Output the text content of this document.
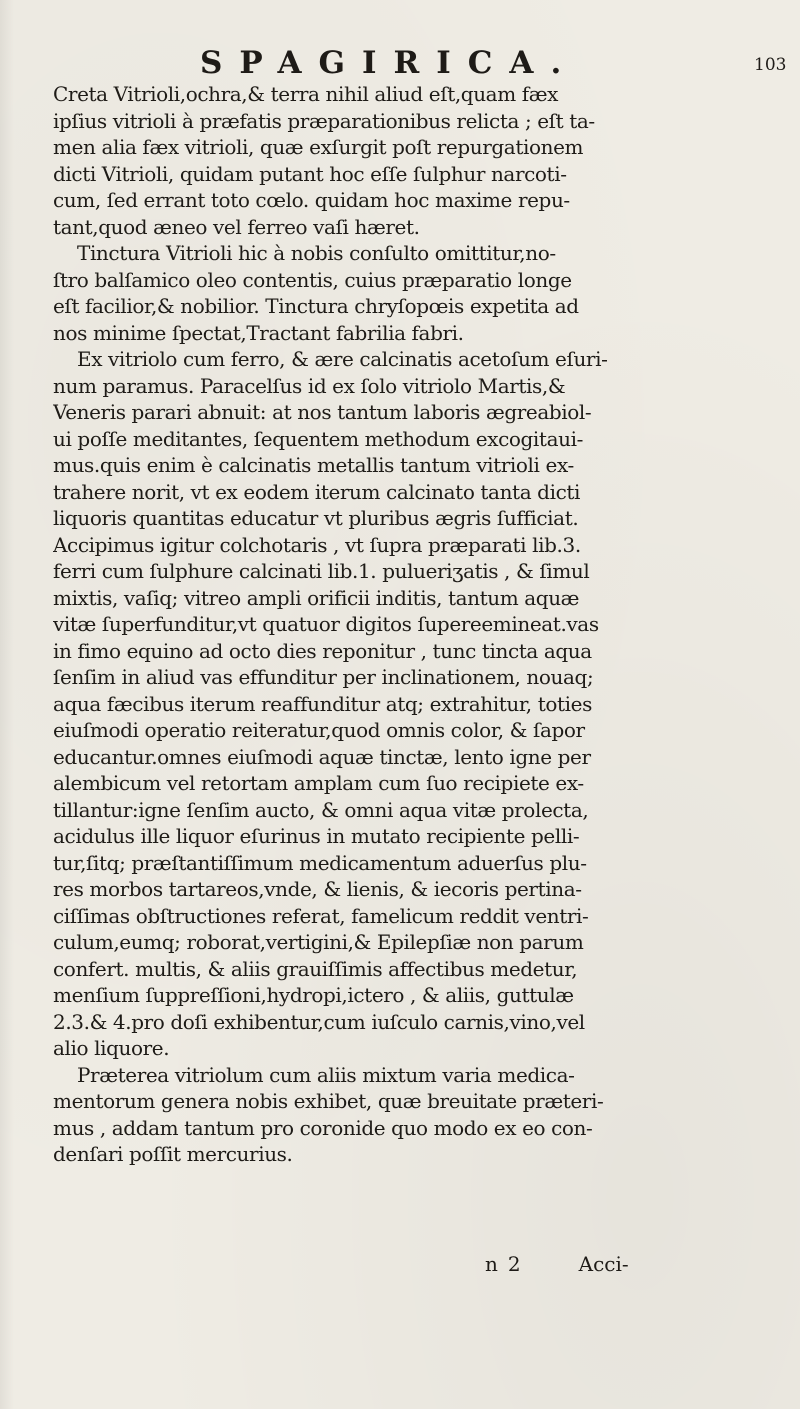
SPAGIRICA.	103
Creta Vitrioli,ochra,& terra nihil aliud eſt,quam fæx
ipſius vitrioli à præfatis præparationibus relicta ; eſt ta-
men alia fæx vitrioli, quæ exſurgit poſt repurgationem
dicti Vitrioli, quidam putant hoc eſſe ſulphur narcoti-
cum, ſed errant toto cœlo. quidam hoc maxime repu-
tant,quod æneo vel ferreo vaſi hæret.
Tinctura Vitrioli hic à nobis conſulto omittitur,no-
ſtro balſamico oleo contentis, cuius præparatio longe
eſt facilior,& nobilior. Tinctura chryſopœis expetita ad
nos minime ſpectat,Tractant fabrilia fabri.
Ex vitriolo cum ferro, & ære calcinatis acetoſum eſuri-
num paramus. Paracelſus id ex ſolo vitriolo Martis,&
Veneris parari abnuit: at nos tantum laboris ægreabiol-
ui poſſe meditantes, ſequentem methodum excogitaui-
mus.quis enim è calcinatis metallis tantum vitrioli ex-
trahere norit, vt ex eodem iterum calcinato tanta dicti
liquoris quantitas educatur vt pluribus ægris ſufficiat.
Accipimus igitur colchotaris , vt ſupra præparati lib.3.
ferri cum ſulphure calcinati lib.1. pulueriʒatis , & ſimul
mixtis, vaſiq; vitreo ampli orificii inditis, tantum aquæ
vitæ ſuperfunditur,vt quatuor digitos ſupereemineat.vas
in fimo equino ad octo dies reponitur , tunc tincta aqua
ſenſim in aliud vas effunditur per inclinationem, nouaq;
aqua fæcibus iterum reaffunditur atq; extrahitur, toties
eiuſmodi operatio reiteratur,quod omnis color, & ſapor
educantur.omnes eiuſmodi aquæ tinctæ, lento igne per
alembicum vel retortam amplam cum ſuo recipiete ex-
tillantur:igne ſenſim aucto, & omni aqua vitæ prolecta,
acidulus ille liquor eſurinus in mutato recipiente pelli-
tur,ſitq; præſtantiſſimum medicamentum aduerſus plu-
res morbos tartareos,vnde, & lienis, & iecoris pertina-
ciſſimas obſtructiones referat, famelicum reddit ventri-
culum,eumq; roborat,vertigini,& Epilepſiæ non parum
confert. multis, & aliis grauiſſimis affectibus medetur,
menſium ſuppreſſioni,hydropi,ictero , & aliis, guttulæ
2.3.& 4.pro doſi exhibentur,cum iuſculo carnis,vino,vel
alio liquore.
Præterea vitriolum cum aliis mixtum varia medica-
mentorum genera nobis exhibet, quæ breuitate præteri-
mus , addam tantum pro coronide quo modo ex eo con-
denſari poſſit mercurius.
n 2	Acci-
